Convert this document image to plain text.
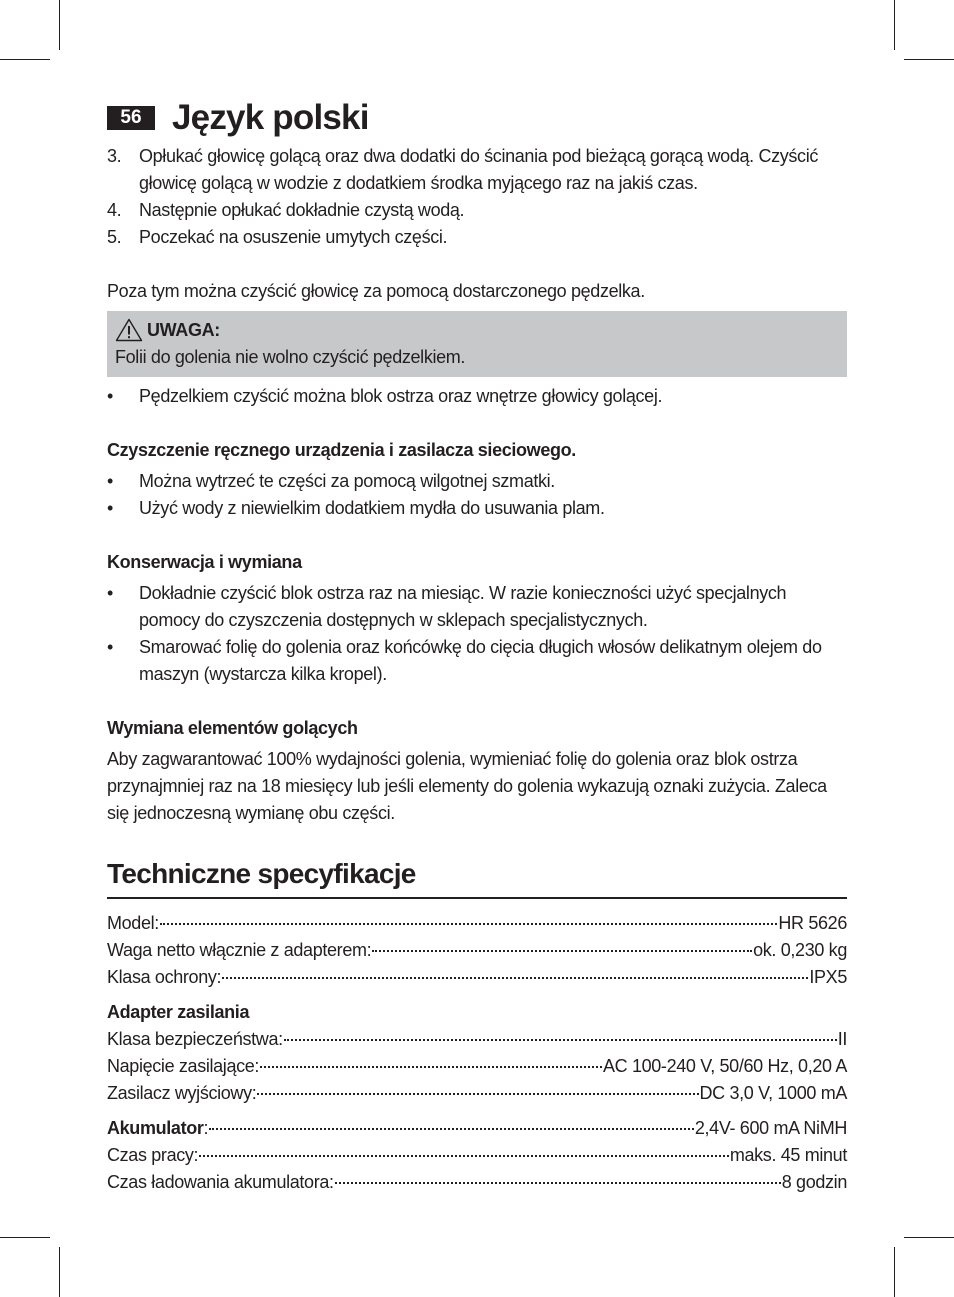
56 Język polski
3. Opłukać głowicę golącą oraz dwa dodatki do ścinania pod bieżącą gorącą wodą. Czyścić głowicę golącą w wodzie z dodatkiem środka myjącego raz na jakiś czas.
4. Następnie opłukać dokładnie czystą wodą.
5. Poczekać na osuszenie umytych części.
Poza tym można czyścić głowicę za pomocą dostarczonego pędzelka.
UWAGA:
Folii do golenia nie wolno czyścić pędzelkiem.
• Pędzelkiem czyścić można blok ostrza oraz wnętrze głowicy golącej.
Czyszczenie ręcznego urządzenia i zasilacza sieciowego.
• Można wytrzeć te części za pomocą wilgotnej szmatki.
• Użyć wody z niewielkim dodatkiem mydła do usuwania plam.
Konserwacja i wymiana
• Dokładnie czyścić blok ostrza raz na miesiąc. W razie konieczności użyć specjalnych pomocy do czyszczenia dostępnych w sklepach specjalistycznych.
• Smarować folię do golenia oraz końcówkę do cięcia długich włosów delikatnym olejem do maszyn (wystarcza kilka kropel).
Wymiana elementów golących
Aby zagwarantować 100% wydajności golenia, wymieniać folię do golenia oraz blok ostrza przynajmniej raz na 18 miesięcy lub jeśli elementy do golenia wykazują oznaki zużycia. Zaleca się jednoczesną wymianę obu części.
Techniczne specyfikacje
Model:	HR 5626
Waga netto włącznie z adapterem:	ok. 0,230 kg
Klasa ochrony:	IPX5
Adapter zasilania
Klasa bezpieczeństwa:	II
Napięcie zasilające:	AC 100-240 V, 50/60 Hz, 0,20 A
Zasilacz wyjściowy:	DC 3,0 V, 1000 mA
Akumulator:	2,4V- 600 mA NiMH
Czas pracy:	maks. 45 minut
Czas ładowania akumulatora:	8 godzin
